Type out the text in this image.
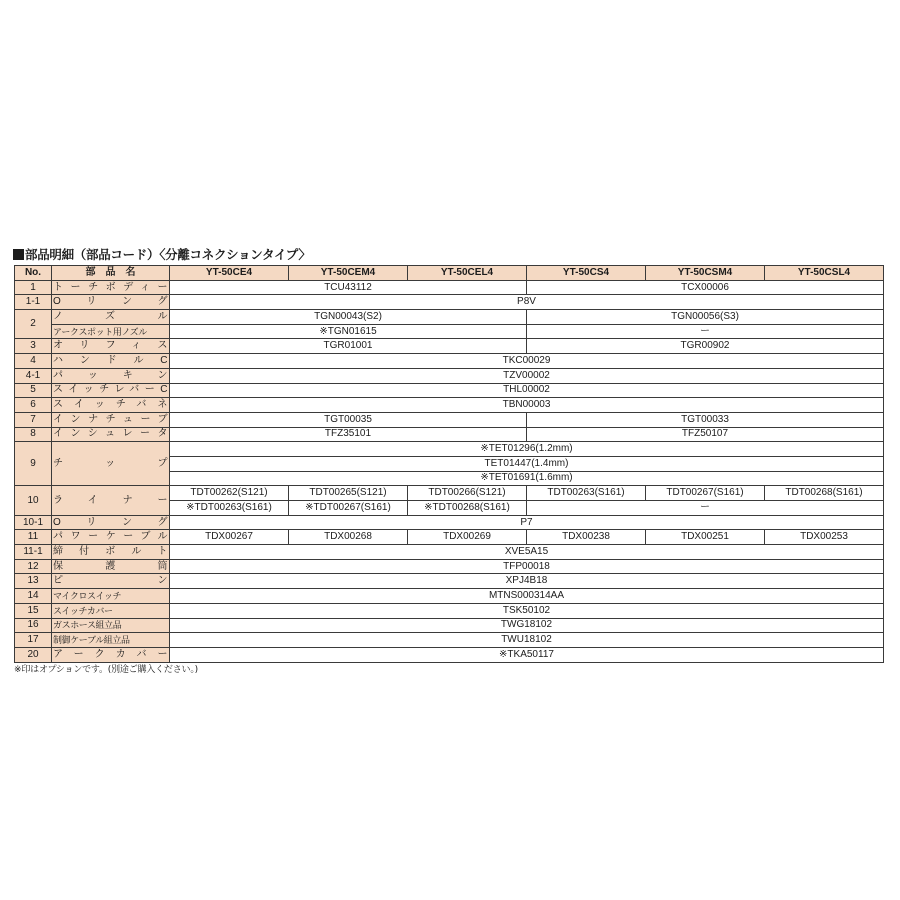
部品明細（部品コード）〈分離コネクションタイプ〉
No.	部　品　名	YT-50CE4	YT-50CEM4	YT-50CEL4	YT-50CS4	YT-50CSM4	YT-50CSL4
1	トーチボディー	TCU43112			TCX00006		
1-1	Oリング	P8V					
2	ノズル	TGN00043(S2)			TGN00056(S3)		
	アークスポット用ノズル	※TGN01615			ー		
3	オリフィス	TGR01001			TGR00902		
4	ハンドルC	TKC00029					
4-1	パッキン	TZV00002					
5	スイッチレバーC	THL00002					
6	スイッチバネ	TBN00003					
7	インナチューブ	TGT00035			TGT00033		
8	インシュレータ	TFZ35101			TFZ50107		
9	チップ	※TET01296(1.2mm)					
		TET01447(1.4mm)					
		※TET01691(1.6mm)					
10	ライナー	TDT00262(S121)	TDT00265(S121)	TDT00266(S121)	TDT00263(S161)	TDT00267(S161)	TDT00268(S161)
		※TDT00263(S161)	※TDT00267(S161)	※TDT00268(S161)	ー		
10-1	Oリング	P7					
11	パワーケーブル	TDX00267	TDX00268	TDX00269	TDX00238	TDX00251	TDX00253
11-1	締付ボルト	XVE5A15					
12	保護筒	TFP00018					
13	ピン	XPJ4B18					
14	マイクロスイッチ	MTNS000314AA					
15	スイッチカバー	TSK50102					
16	ガスホース組立品	TWG18102					
17	制御ケーブル組立品	TWU18102					
20	アークカバー	※TKA50117					
※印はオプションです。(別途ご購入ください。)
